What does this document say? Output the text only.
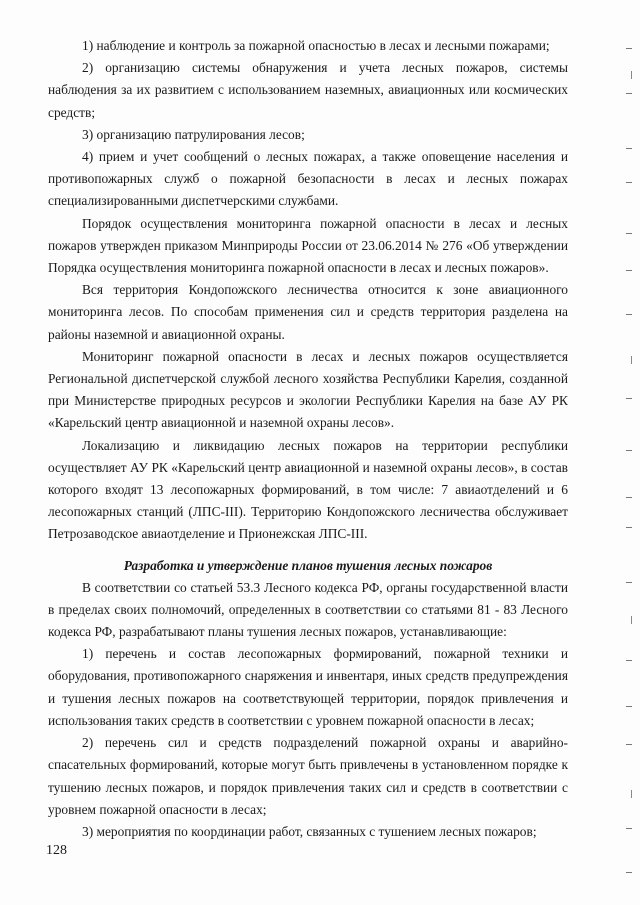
1) наблюдение и контроль за пожарной опасностью в лесах и лесными пожарами;

2) организацию системы обнаружения и учета лесных пожаров, системы наблюдения за их развитием с использованием наземных, авиационных или космических средств;

3) организацию патрулирования лесов;

4) прием и учет сообщений о лесных пожарах, а также оповещение населения и противопожарных служб о пожарной безопасности в лесах и лесных пожарах специализированными диспетчерскими службами.

Порядок осуществления мониторинга пожарной опасности в лесах и лесных пожаров утвержден приказом Минприроды России от 23.06.2014 № 276 «Об утверждении Порядка осуществления мониторинга пожарной опасности в лесах и лесных пожаров».

Вся территория Кондопожского лесничества относится к зоне авиационного мониторинга лесов. По способам применения сил и средств территория разделена на районы наземной и авиационной охраны.

Мониторинг пожарной опасности в лесах и лесных пожаров осуществляется Региональной диспетчерской службой лесного хозяйства Республики Карелия, созданной при Министерстве природных ресурсов и экологии Республики Карелия на базе АУ РК «Карельский центр авиационной и наземной охраны лесов».

Локализацию и ликвидацию лесных пожаров на территории республики осуществляет АУ РК «Карельский центр авиационной и наземной охраны лесов», в состав которого входят 13 лесопожарных формирований, в том числе: 7 авиаотделений и 6 лесопожарных станций (ЛПС-III). Территорию Кондопожского лесничества обслуживает Петрозаводское авиаотделение и Прионежская ЛПС-III.

Разработка и утверждение планов тушения лесных пожаров

В соответствии со статьей 53.3 Лесного кодекса РФ, органы государственной власти в пределах своих полномочий, определенных в соответствии со статьями 81 - 83 Лесного кодекса РФ, разрабатывают планы тушения лесных пожаров, устанавливающие:

1) перечень и состав лесопожарных формирований, пожарной техники и оборудования, противопожарного снаряжения и инвентаря, иных средств предупреждения и тушения лесных пожаров на соответствующей территории, порядок привлечения и использования таких средств в соответствии с уровнем пожарной опасности в лесах;

2) перечень сил и средств подразделений пожарной охраны и аварийно-спасательных формирований, которые могут быть привлечены в установленном порядке к тушению лесных пожаров, и порядок привлечения таких сил и средств в соответствии с уровнем пожарной опасности в лесах;

3) мероприятия по координации работ, связанных с тушением лесных пожаров;

128
